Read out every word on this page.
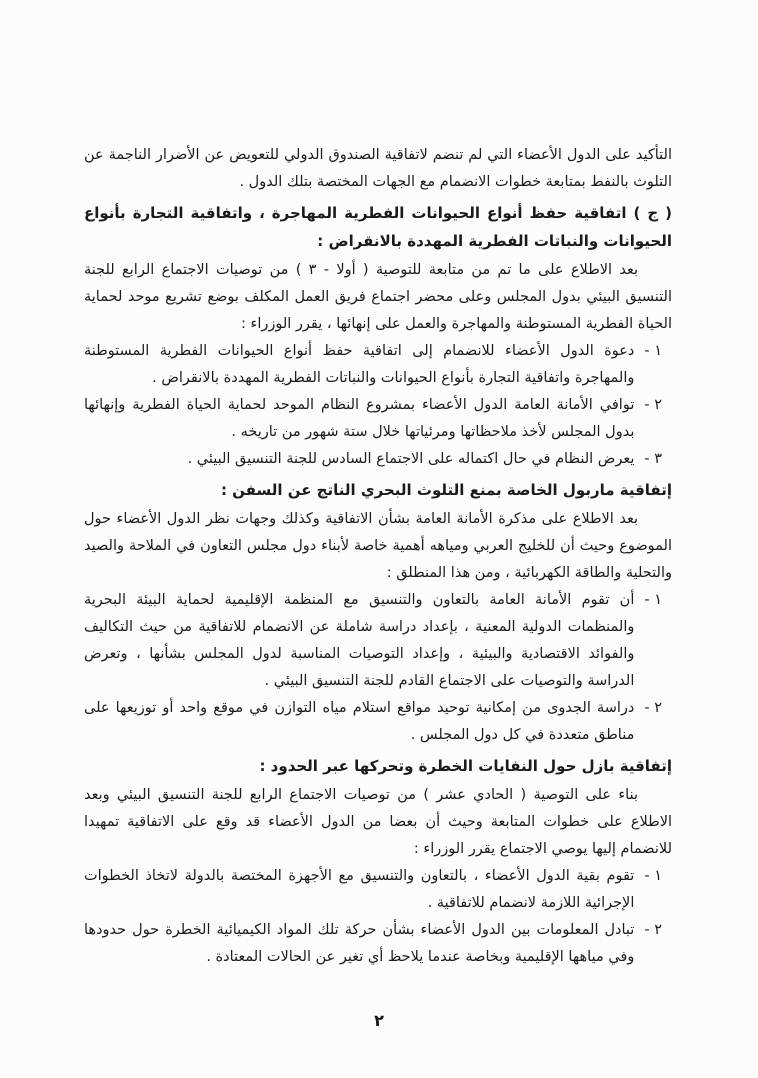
التأكيد على الدول الأعضاء التي لم تنضم لاتفاقية الصندوق الدولي للتعويض عن الأضرار الناجمة عن التلوث بالنفط بمتابعة خطوات الانضمام مع الجهات المختصة بتلك الدول .

( ج ) اتفاقية حفظ أنواع الحيوانات الفطرية المهاجرة ، واتفاقية التجارة بأنواع الحيوانات والنباتات الفطرية المهددة بالانقراض :

بعد الاطلاع على ما تم من متابعة للتوصية ( أولا - ٣ ) من توصيات الاجتماع الرابع للجنة التنسيق البيئي بدول المجلس وعلى محضر اجتماع فريق العمل المكلف بوضع تشريع موحد لحماية الحياة الفطرية المستوطنة والمهاجرة والعمل على إنهائها ، يقرر الوزراء :

١ -
دعوة الدول الأعضاء للانضمام إلى اتفاقية حفظ أنواع الحيوانات الفطرية المستوطنة والمهاجرة واتفاقية التجارة بأنواع الحيوانات والنباتات الفطرية المهددة بالانقراض .
٢ -
توافي الأمانة العامة الدول الأعضاء بمشروع النظام الموحد لحماية الحياة الفطرية وإنهائها بدول المجلس لأخذ ملاحظاتها ومرئياتها خلال ستة شهور من تاريخه .
٣ -
يعرض النظام في حال اكتماله على الاجتماع السادس للجنة التنسيق البيئي .
إتفاقية ماربول الخاصة بمنع التلوث البحري الناتج عن السفن :

بعد الاطلاع على مذكرة الأمانة العامة بشأن الاتفاقية وكذلك وجهات نظر الدول الأعضاء حول الموضوع وحيث أن للخليج العربي ومياهه أهمية خاصة لأبناء دول مجلس التعاون في الملاحة والصيد والتحلية والطاقة الكهربائية ، ومن هذا المنطلق :

١ -
أن تقوم الأمانة العامة بالتعاون والتنسيق مع المنظمة الإقليمية لحماية البيئة البحرية والمنظمات الدولية المعنية ، بإعداد دراسة شاملة عن الانضمام للاتفاقية من حيث التكاليف والفوائد الاقتصادية والبيئية ، وإعداد التوصيات المناسبة لدول المجلس بشأنها ، وتعرض الدراسة والتوصيات على الاجتماع القادم للجنة التنسيق البيئي .
٢ -
دراسة الجدوى من إمكانية توحيد مواقع استلام مياه التوازن في موقع واحد أو توزيعها على مناطق متعددة في كل دول المجلس .
إتفاقية بازل حول النفايات الخطرة وتحركها عبر الحدود :

بناء على التوصية ( الحادي عشر ) من توصيات الاجتماع الرابع للجنة التنسيق البيئي وبعد الاطلاع على خطوات المتابعة وحيث أن بعضا من الدول الأعضاء قد وقع على الاتفاقية تمهيدا للانضمام إليها يوصي الاجتماع يقرر الوزراء :

١ -
تقوم بقية الدول الأعضاء ، بالتعاون والتنسيق مع الأجهزة المختصة بالدولة لاتخاذ الخطوات الإجرائية اللازمة لانضمام للاتفاقية .
٢ -
تبادل المعلومات بين الدول الأعضاء بشأن حركة تلك المواد الكيميائية الخطرة حول حدودها وفي مياهها الإقليمية وبخاصة عندما يلاحظ أي تغير عن الحالات المعتادة .
٢
